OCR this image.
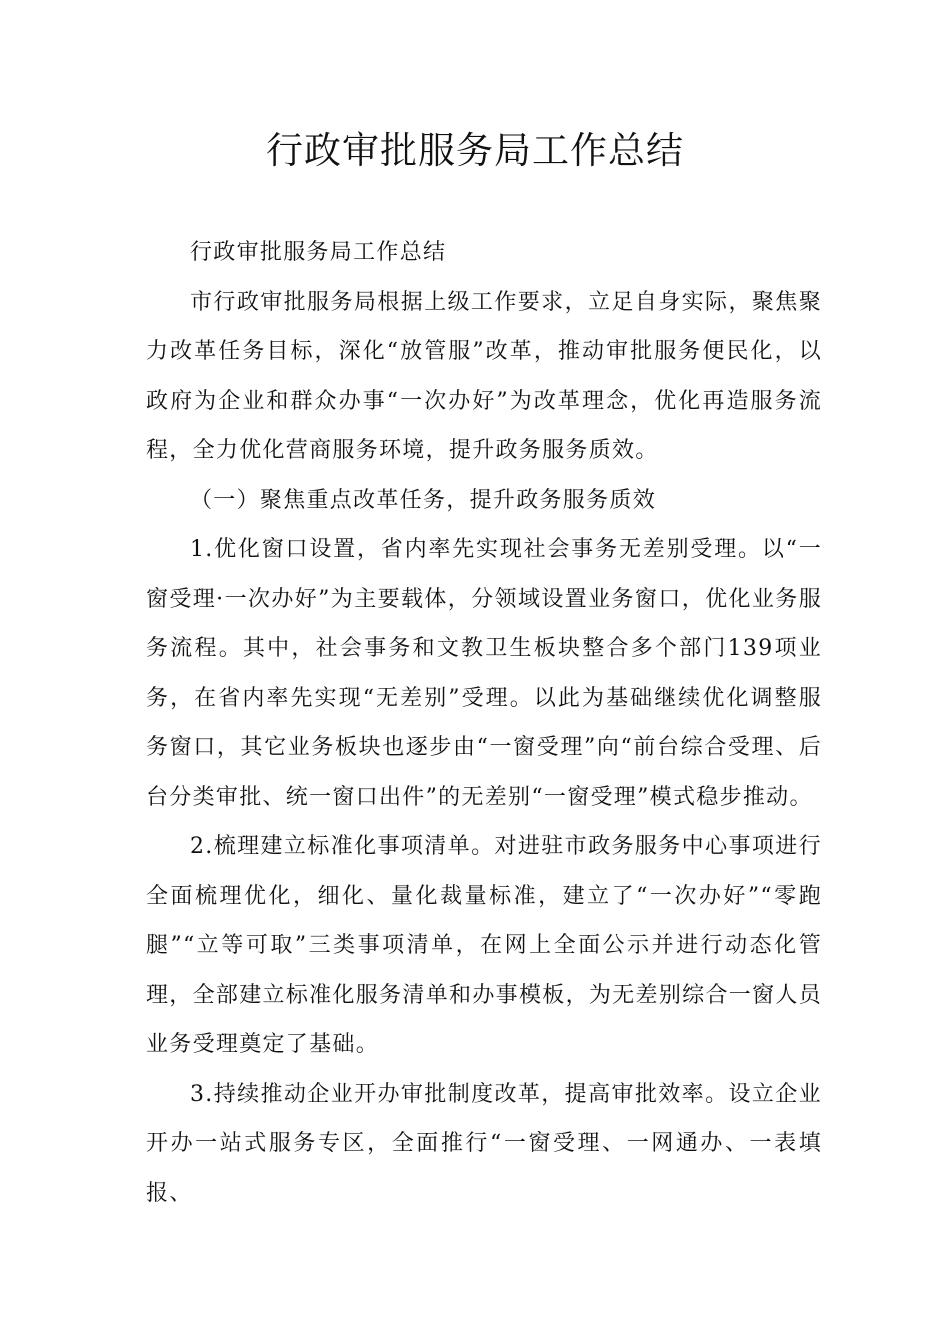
行政审批服务局工作总结

行政审批服务局工作总结

市行政审批服务局根据上级工作要求，立足自身实际，聚焦聚力改革任务目标，深化“放管服”改革，推动审批服务便民化，以政府为企业和群众办事“一次办好”为改革理念，优化再造服务流程，全力优化营商服务环境，提升政务服务质效。

（一）聚焦重点改革任务，提升政务服务质效

1.优化窗口设置，省内率先实现社会事务无差别受理。以“一窗受理·一次办好”为主要载体，分领域设置业务窗口，优化业务服务流程。其中，社会事务和文教卫生板块整合多个部门139项业务，在省内率先实现“无差别”受理。以此为基础继续优化调整服务窗口，其它业务板块也逐步由“一窗受理”向“前台综合受理、后台分类审批、统一窗口出件”的无差别“一窗受理”模式稳步推动。

2.梳理建立标准化事项清单。对进驻市政务服务中心事项进行全面梳理优化，细化、量化裁量标准，建立了“一次办好”“零跑腿”“立等可取”三类事项清单，在网上全面公示并进行动态化管理，全部建立标准化服务清单和办事模板，为无差别综合一窗人员业务受理奠定了基础。

3.持续推动企业开办审批制度改革，提高审批效率。设立企业开办一站式服务专区，全面推行“一窗受理、一网通办、一表填报、
